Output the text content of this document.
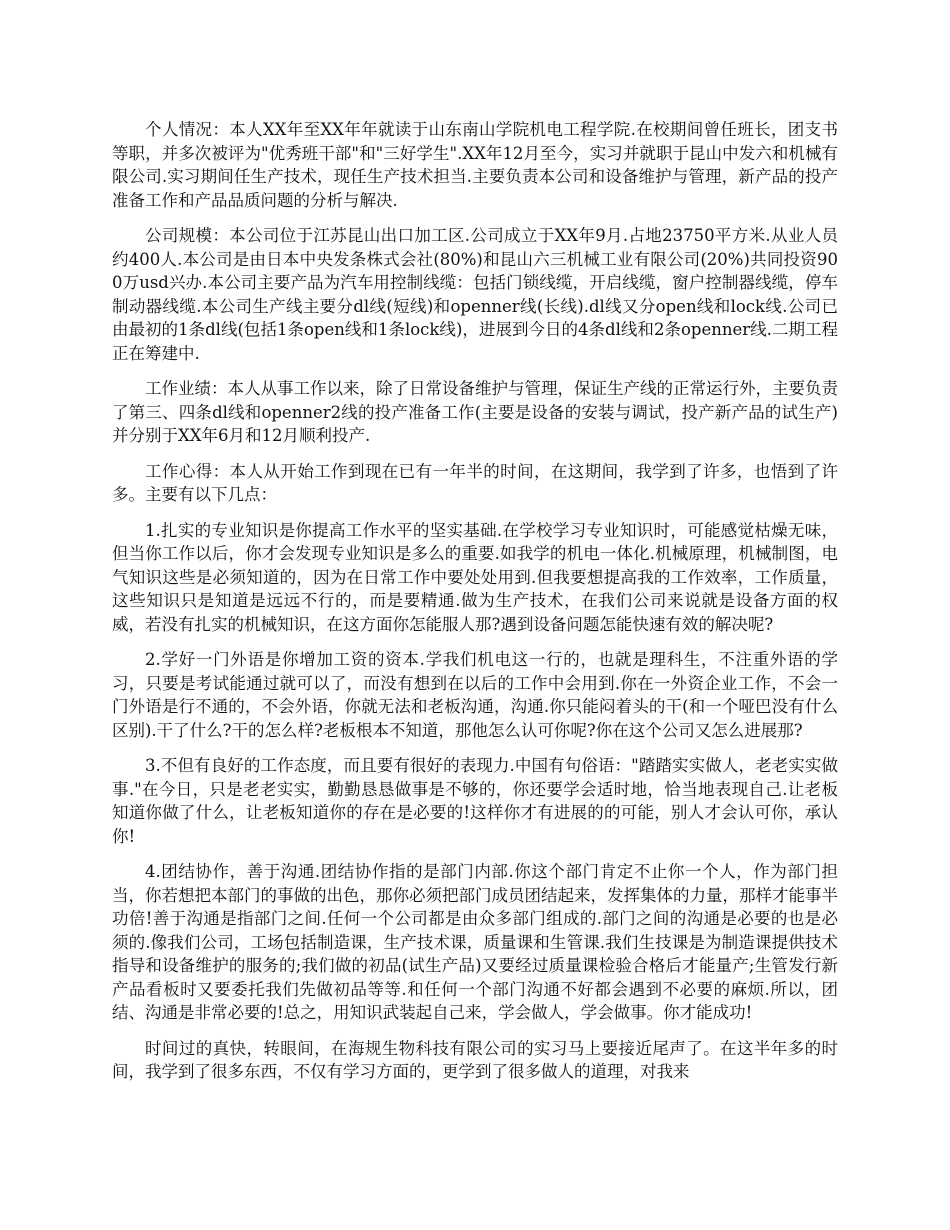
个人情况：本人XX年至XX年年就读于山东南山学院机电工程学院.在校期间曾任班长，团支书等职，并多次被评为"优秀班干部"和"三好学生".XX年12月至今，实习并就职于昆山中发六和机械有限公司.实习期间任生产技术，现任生产技术担当.主要负责本公司和设备维护与管理，新产品的投产准备工作和产品品质问题的分析与解决.

公司规模：本公司位于江苏昆山出口加工区.公司成立于XX年9月.占地23750平方米.从业人员约400人.本公司是由日本中央发条株式会社(80%)和昆山六三机械工业有限公司(20%)共同投资900万usd兴办.本公司主要产品为汽车用控制线缆：包括门锁线缆，开启线缆，窗户控制器线缆，停车制动器线缆.本公司生产线主要分dl线(短线)和openner线(长线).dl线又分open线和lock线.公司已由最初的1条dl线(包括1条open线和1条lock线)，进展到今日的4条dl线和2条openner线.二期工程正在筹建中.

工作业绩：本人从事工作以来，除了日常设备维护与管理，保证生产线的正常运行外，主要负责了第三、四条dl线和openner2线的投产准备工作(主要是设备的安装与调试，投产新产品的试生产)并分别于XX年6月和12月顺利投产.

工作心得：本人从开始工作到现在已有一年半的时间，在这期间，我学到了许多，也悟到了许多。主要有以下几点：

1.扎实的专业知识是你提高工作水平的坚实基础.在学校学习专业知识时，可能感觉枯燥无味，但当你工作以后，你才会发现专业知识是多么的重要.如我学的机电一体化.机械原理，机械制图，电气知识这些是必须知道的，因为在日常工作中要处处用到.但我要想提高我的工作效率，工作质量，这些知识只是知道是远远不行的，而是要精通.做为生产技术，在我们公司来说就是设备方面的权威，若没有扎实的机械知识，在这方面你怎能服人那?遇到设备问题怎能快速有效的解决呢?

2.学好一门外语是你增加工资的资本.学我们机电这一行的，也就是理科生，不注重外语的学习，只要是考试能通过就可以了，而没有想到在以后的工作中会用到.你在一外资企业工作，不会一门外语是行不通的，不会外语，你就无法和老板沟通，沟通.你只能闷着头的干(和一个哑巴没有什么区别).干了什么?干的怎么样?老板根本不知道，那他怎么认可你呢?你在这个公司又怎么进展那?

3.不但有良好的工作态度，而且要有很好的表现力.中国有句俗语："踏踏实实做人，老老实实做事."在今日，只是老老实实，勤勤恳恳做事是不够的，你还要学会适时地，恰当地表现自己.让老板知道你做了什么，让老板知道你的存在是必要的!这样你才有进展的的可能，别人才会认可你，承认你!

4.团结协作，善于沟通.团结协作指的是部门内部.你这个部门肯定不止你一个人，作为部门担当，你若想把本部门的事做的出色，那你必须把部门成员团结起来，发挥集体的力量，那样才能事半功倍!善于沟通是指部门之间.任何一个公司都是由众多部门组成的.部门之间的沟通是必要的也是必须的.像我们公司，工场包括制造课，生产技术课，质量课和生管课.我们生技课是为制造课提供技术指导和设备维护的服务的;我们做的初品(试生产品)又要经过质量课检验合格后才能量产;生管发行新产品看板时又要委托我们先做初品等等.和任何一个部门沟通不好都会遇到不必要的麻烦.所以，团结、沟通是非常必要的!总之，用知识武装起自己来，学会做人，学会做事。你才能成功!

时间过的真快，转眼间，在海规生物科技有限公司的实习马上要接近尾声了。在这半年多的时间，我学到了很多东西，不仅有学习方面的，更学到了很多做人的道理，对我来
